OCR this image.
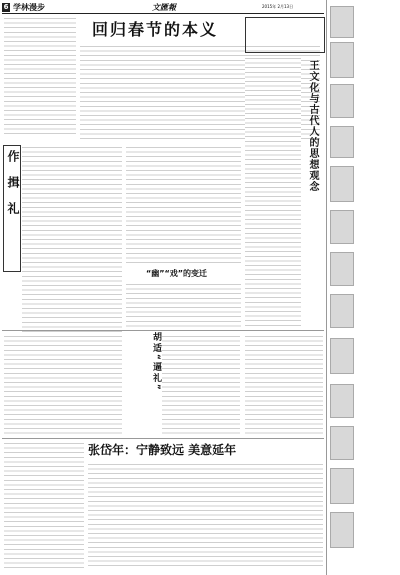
6 学林漫步	文匯報	2015年 2月13日
回归春节的本义
作揖礼
“幽”“戏”的变迁
王文化与古代人的思想观念
胡适“逼礼”
张岱年：宁静致远 美意延年
